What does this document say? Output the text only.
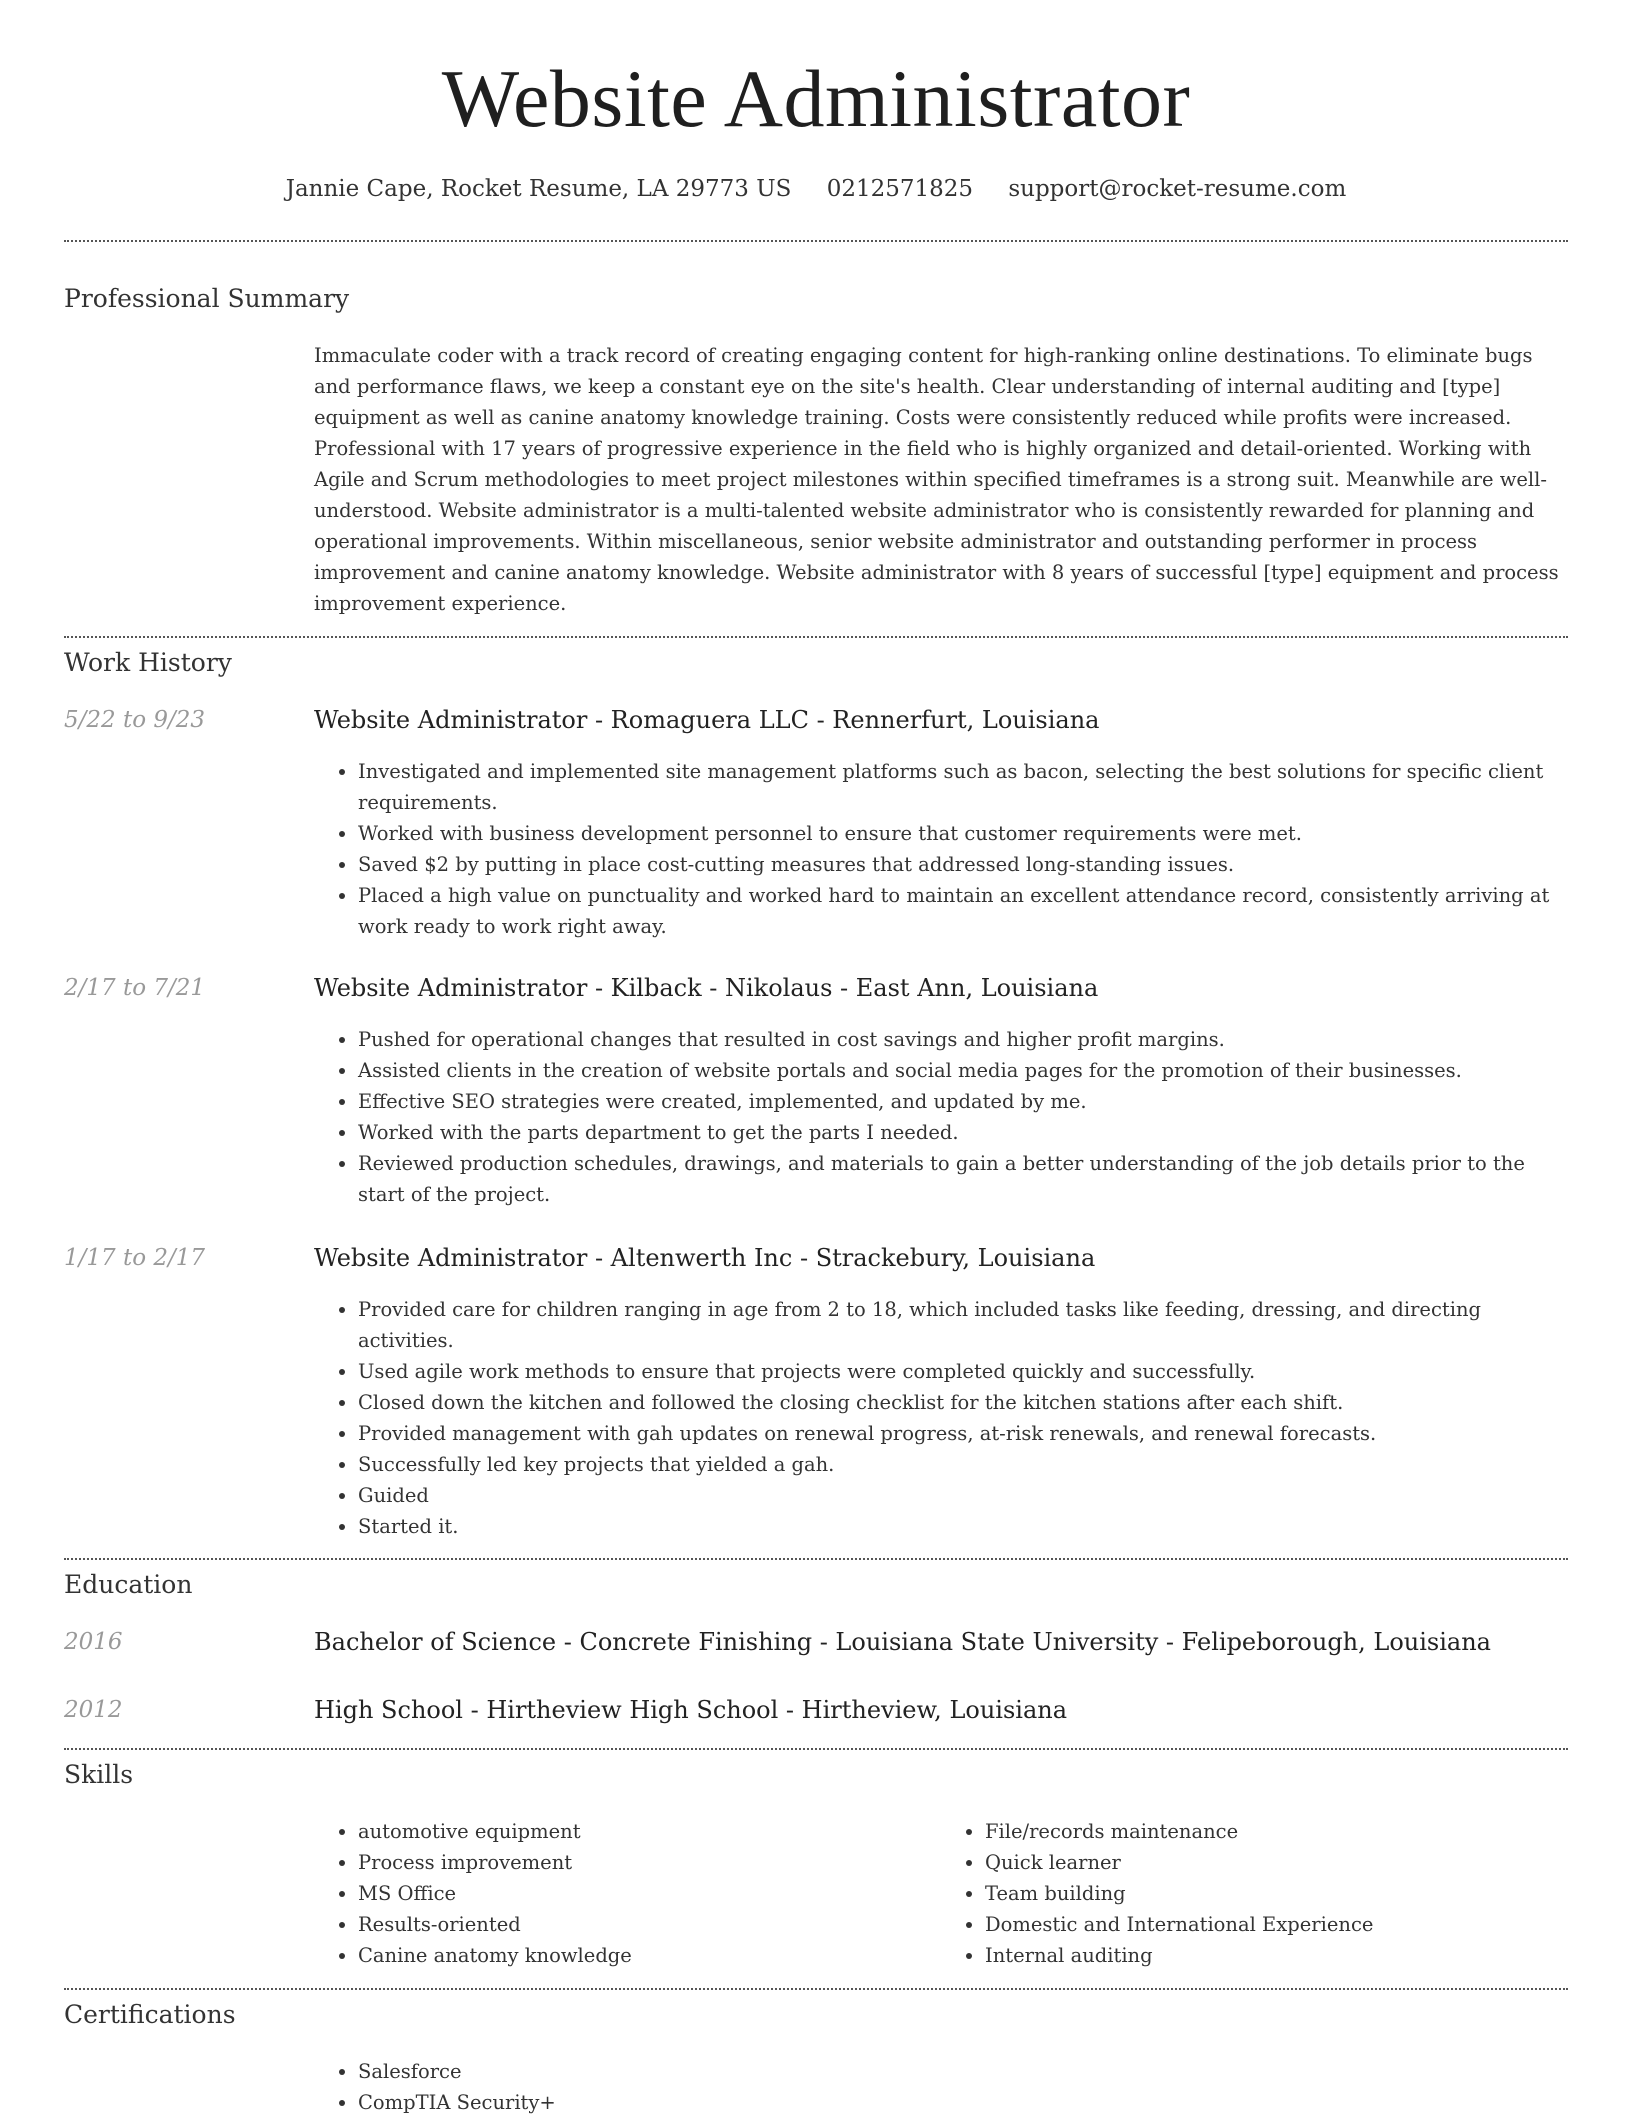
Website Administrator
Jannie Cape, Rocket Resume, LA 29773 US 0212571825 support@rocket-resume.com
Professional Summary
Immaculate coder with a track record of creating engaging content for high-ranking online destinations. To eliminate bugs and performance flaws, we keep a constant eye on the site's health. Clear understanding of internal auditing and [type] equipment as well as canine anatomy knowledge training. Costs were consistently reduced while profits were increased. Professional with 17 years of progressive experience in the field who is highly organized and detail-oriented. Working with Agile and Scrum methodologies to meet project milestones within specified timeframes is a strong suit. Meanwhile are well-understood. Website administrator is a multi-talented website administrator who is consistently rewarded for planning and operational improvements. Within miscellaneous, senior website administrator and outstanding performer in process improvement and canine anatomy knowledge. Website administrator with 8 years of successful [type] equipment and process improvement experience.
Work History
5/22 to 9/23	Website Administrator - Romaguera LLC - Rennerfurt, Louisiana
• Investigated and implemented site management platforms such as bacon, selecting the best solutions for specific client requirements.
• Worked with business development personnel to ensure that customer requirements were met.
• Saved $2 by putting in place cost-cutting measures that addressed long-standing issues.
• Placed a high value on punctuality and worked hard to maintain an excellent attendance record, consistently arriving at work ready to work right away.
2/17 to 7/21	Website Administrator - Kilback - Nikolaus - East Ann, Louisiana
• Pushed for operational changes that resulted in cost savings and higher profit margins.
• Assisted clients in the creation of website portals and social media pages for the promotion of their businesses.
• Effective SEO strategies were created, implemented, and updated by me.
• Worked with the parts department to get the parts I needed.
• Reviewed production schedules, drawings, and materials to gain a better understanding of the job details prior to the start of the project.
1/17 to 2/17	Website Administrator - Altenwerth Inc - Strackebury, Louisiana
• Provided care for children ranging in age from 2 to 18, which included tasks like feeding, dressing, and directing activities.
• Used agile work methods to ensure that projects were completed quickly and successfully.
• Closed down the kitchen and followed the closing checklist for the kitchen stations after each shift.
• Provided management with gah updates on renewal progress, at-risk renewals, and renewal forecasts.
• Successfully led key projects that yielded a gah.
• Guided
• Started it.
Education
2016	Bachelor of Science - Concrete Finishing - Louisiana State University - Felipeborough, Louisiana
2012	High School - Hirtheview High School - Hirtheview, Louisiana
Skills
• automotive equipment
• Process improvement
• MS Office
• Results-oriented
• Canine anatomy knowledge
• File/records maintenance
• Quick learner
• Team building
• Domestic and International Experience
• Internal auditing
Certifications
• Salesforce
• CompTIA Security+
